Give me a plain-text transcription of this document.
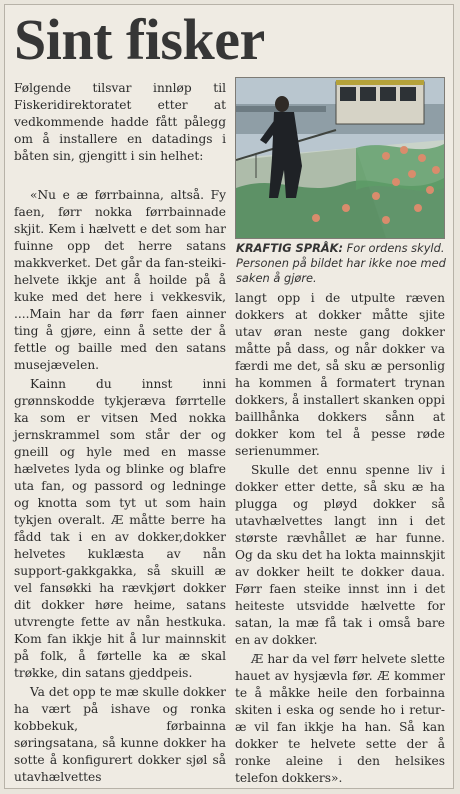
Sint fisker

Følgende tilsvar innløp til Fiskeridirektoratet etter at vedkommende hadde fått pålegg om å installere en datadings i båten sin, gjengitt i sin helhet:

«Nu e æ førrbainna, altså. Fy faen, førr nokka førrbainnade skjit. Kem i hælvett e det som har fuinne opp det herre satans makkverket. Det går da fan-steiki-helvete ikkje ant å hoilde på å kuke med det here i vekkesvik, ....Main har da førr faen ainner ting å gjøre, einn å sette der å fettle og baille med den satans musejævelen.

Kainn du innst inni grønnskodde tykjeræva førrtelle ka som er vitsen Med nokka jernskrammel som står der og gneill og hyle med en masse hælvetes lyda og blinke og blafre uta fan, og passord og ledninge og knotta som tyt ut som hain tykjen overalt. Æ måtte berre ha fådd tak i en av dokker,dokker helvetes kuklæsta av nån support-gakkgakka, så skuill æ vel fansøkki ha rævkjørt dokker dit dokker høre heime, satans utvrengte fette av nån hestkuka. Kom fan ikkje hit å lur mainnskit på folk, å førtelle ka æ skal trøkke, din satans gjeddpeis.

Va det opp te mæ skulle dokker ha vært på ishave og ronka kobbekuk, førbainna søringsatana, så kunne dokker ha sotte å konfigurert dokker sjøl så utavhælvettes

KRAFTIG SPRÅK: For ordens skyld. Personen på bildet har ikke noe med saken å gjøre.

langt opp i de utpulte ræven dokkers at dokker måtte sjite utav øran neste gang dokker måtte på dass, og når dokker va færdi me det, så sku æ personlig ha kommen å formatert trynan dokkers, å installert skanken oppi baillhånka dokkers sånn at dokker kom tel å pesse røde serienummer.

Skulle det ennu spenne liv i dokker etter dette, så sku æ ha plugga og pløyd dokker så utavhælvettes langt inn i det største rævhållet æ har funne. Og da sku det ha lokta mainnskjit av dokker heilt te dokker daua. Førr faen steike innst inn i det heiteste utsvidde hælvette for satan, la mæ få tak i omså bare en av dokker.

Æ har da vel førr helvete slette hauet av hysjævla før. Æ kommer te å måkke heile den forbainna skiten i eska og sende ho i retur- æ vil fan ikkje ha han. Så kan dokker te helvete sette der å ronke aleine i den helsikes telefon dokkers».
